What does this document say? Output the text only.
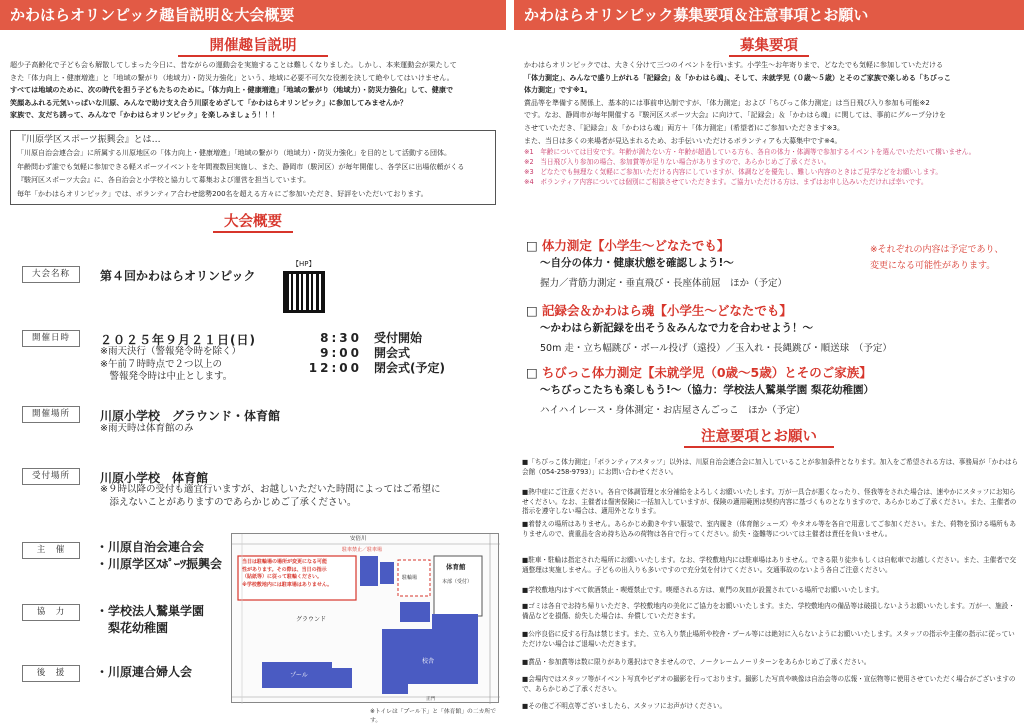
かわはらオリンピック趣旨説明＆大会概要
開催趣旨説明
超少子高齢化で子ども会も解散してしまった今日に、昔ながらの運動会を実施することは難しくなりました。しかし、本来運動会が果たして
きた「体力向上・健康増進」と「地域の繋がり（地域力）・防災力強化」という、地域に必要不可欠な役割を決して絶やしてはいけません。
すべては地域のために、次の時代を担う子どもたちのために。「体力向上・健康増進」「地域の繋がり（地域力）・防災力強化」して、健康で
笑顔あふれる元気いっぱいな川原、みんなで助け支え合う川原をめざして「かわはらオリンピック」に参加してみませんか？
家族で、友だち誘って、みんなで「かわはらオリンピック」を楽しみましょう！！！
『川原学区スポーツ振興会』とは…
「川原自治会連合会」に所属する川原地区の「体力向上・健康増進」「地域の繋がり（地域力）・防災力強化」を目的として活動する団体。
年齢問わず誰でも気軽に参加できる軽スポーツイベントを年間複数回実施し、また、静岡市（駿河区）が毎年開催し、各学区に出場依頼がくる
『駿河区スポーツ大会』に、各自治会と小学校と協力して募集および運営を担当しています。
毎年「かわはらオリンピック」では、ボランティア合わせ総勢200名を超える方々にご参加いただき、好評をいただいております。
大会概要
大会名称	第４回かわはらオリンピック
【HP】
開催日時	２０２５年９月２１日(日)
※雨天決行（警報発令時を除く）
※午前７時時点で２つ以上の
　警報発令時は中止とします。
8:30　 受付開始
9:00　 開会式
12:00　 閉会式(予定)
開催場所	川原小学校　グラウンド・体育館
※雨天時は体育館のみ
受付場所	川原小学校　体育館
※９時以降の受付も適宜行いますが、お越しいただいた時間によってはご希望に
　添えないことがありますのであらかじめご了承ください。
主　催	・川原自治会連合会
・川原学区ｽﾎﾟｰﾂ振興会
協　力	・学校法人鷲巣学園
　梨花幼稚園
後　援	・川原連合婦人会
安倍川
駐車禁止／駐車場
当日は駐輪場の場所が変更になる可能
性があります。その際は、当日の指示
（貼紙等）に従って駐輪ください。
※学校敷地内には駐車場はありません。
体育館
本部（受付）
駐輪場
グラウンド
プール
校舎
正門
※トイレは「プール下」と「体育館」の二カ所です。
かわはらオリンピック募集要項＆注意事項とお願い
募集要項
かわはらオリンピックでは、大きく分けて三つのイベントを行います。小学生～お年寄りまで、どなたでも気軽に参加していただける
「体力測定」、みんなで盛り上がれる「記録会」＆「かわはら魂」、そして、未就学児（０歳～５歳）とそのご家族で楽しめる「ちびっこ
体力測定」です※1。
賞品等を準備する関係上、基本的には事前申込制ですが、「体力測定」および「ちびっこ体力測定」は当日飛び入り参加も可能※2
です。なお、静岡市が毎年開催する『駿河区スポーツ大会』に向けて、「記録会」＆「かわはら魂」に関しては、事前にグループ分けを
させていただき、「記録会」＆「かわはら魂」両方＋「体力測定」(希望者)にご参加いただきます※3。
また、当日は多くの来場者が見込まれるため、お手伝いいただけるボランティアも大募集中です※4。
※1　年齢については目安です。年齢が満たない方・年齢が超過している方も、各自の体力・体調等で参加するイベントを選んでいただいて構いません。
※2　当日飛び入り参加の場合、参加賞等が足りない場合がありますので、あらかじめご了承ください。
※3　どなたでも無理なく気軽にご参加いただける内容にしていますが、体調などを優先し、難しい内容のときはご見学などをお願いします。
※4　ボランティア内容については個別にご相談させていただきます。ご協力いただける方は、まずはお申し込みいただければ幸いです。
□ 体力測定【小学生～どなたでも】
～自分の体力・健康状態を確認しよう!～
握力／背筋力測定・垂直飛び・長座体前屈　ほか（予定）
※それぞれの内容は予定であり、
変更になる可能性があります。
□ 記録会＆かわはら魂【小学生～どなたでも】
～かわはら新記録を出そう＆みんなで力を合わせよう！～
50m 走・立ち幅跳び・ボール投げ（遠投）／玉入れ・長縄跳び・順送球　（予定）
□ ちびっこ体力測定【未就学児（0歳～5歳）とそのご家族】
～ちびっこたちも楽しもう!～（協力：学校法人鷲巣学園 梨花幼稚園）
ハイハイレース・身体測定・お店屋さんごっこ　ほか（予定）
注意要項とお願い
■「ちびっこ体力測定」「ボランティアスタッフ」以外は、川原自治会連合会に加入していることが参加条件となります。加入をご希望される方は、事務局が「かわはら会館（054-258-9793）」にお問い合わせください。
■熱中症にご注意ください。各自で体調管理と水分補給をよろしくお願いいたします。万が一具合が悪くなったり、怪我等をされた場合は、速やかにスタッフにお知らせください。なお、主催者は傷害保険に一括加入していますが、保険の適用範囲は契約内容に基づくものとなりますので、あらかじめご了承ください。また、主催者の指示を遵守しない場合は、適用外となります。
■着替えの場所はありません。あらかじめ動きやすい服装で、室内履き（体育館シューズ）やタオル等を各自で用意してご参加ください。また、荷物を預ける場所もありませんので、貴重品を含め持ち込みの荷物は各自で行ってください。紛失・盗難等については主催者は責任を負いません。
■駐車・駐輪は指定された場所にお願いいたします。なお、学校敷地内には駐車場はありません。できる限り徒歩もしくは自転車でお越しください。また、主催者で交通整理は実施しません。子どもの出入りも多いですので充分気を付けてください。交通事故のないよう各自ご注意ください。
■学校敷地内はすべて飲酒禁止・喫煙禁止です。喫煙される方は、東門の灰皿が設置されている場所でお願いいたします。
■ゴミは各自でお持ち帰りいただき、学校敷地内の美化にご協力をお願いいたします。また、学校敷地内の備品等は破損しないようお願いいたします。万が一、施設・備品などを損傷、紛失した場合は、弁償していただきます。
■公序良俗に反する行為は禁じます。また、立ち入り禁止場所や校舎・プール等には絶対に入らないようにお願いいたします。スタッフの指示や主催の指示に従っていただけない場合はご退場いただきます。
■賞品・参加賞等は数に限りがあり選択はできませんので、ノークレームノーリターンをあらかじめご了承ください。
■会場内ではスタッフ等がイベント写真やビデオの撮影を行っております。撮影した写真や映像は自治会等の広報・宣伝物等に使用させていただく場合がございますので、あらかじめご了承ください。
■その他ご不明点等ございましたら、スタッフにお声がけください。
